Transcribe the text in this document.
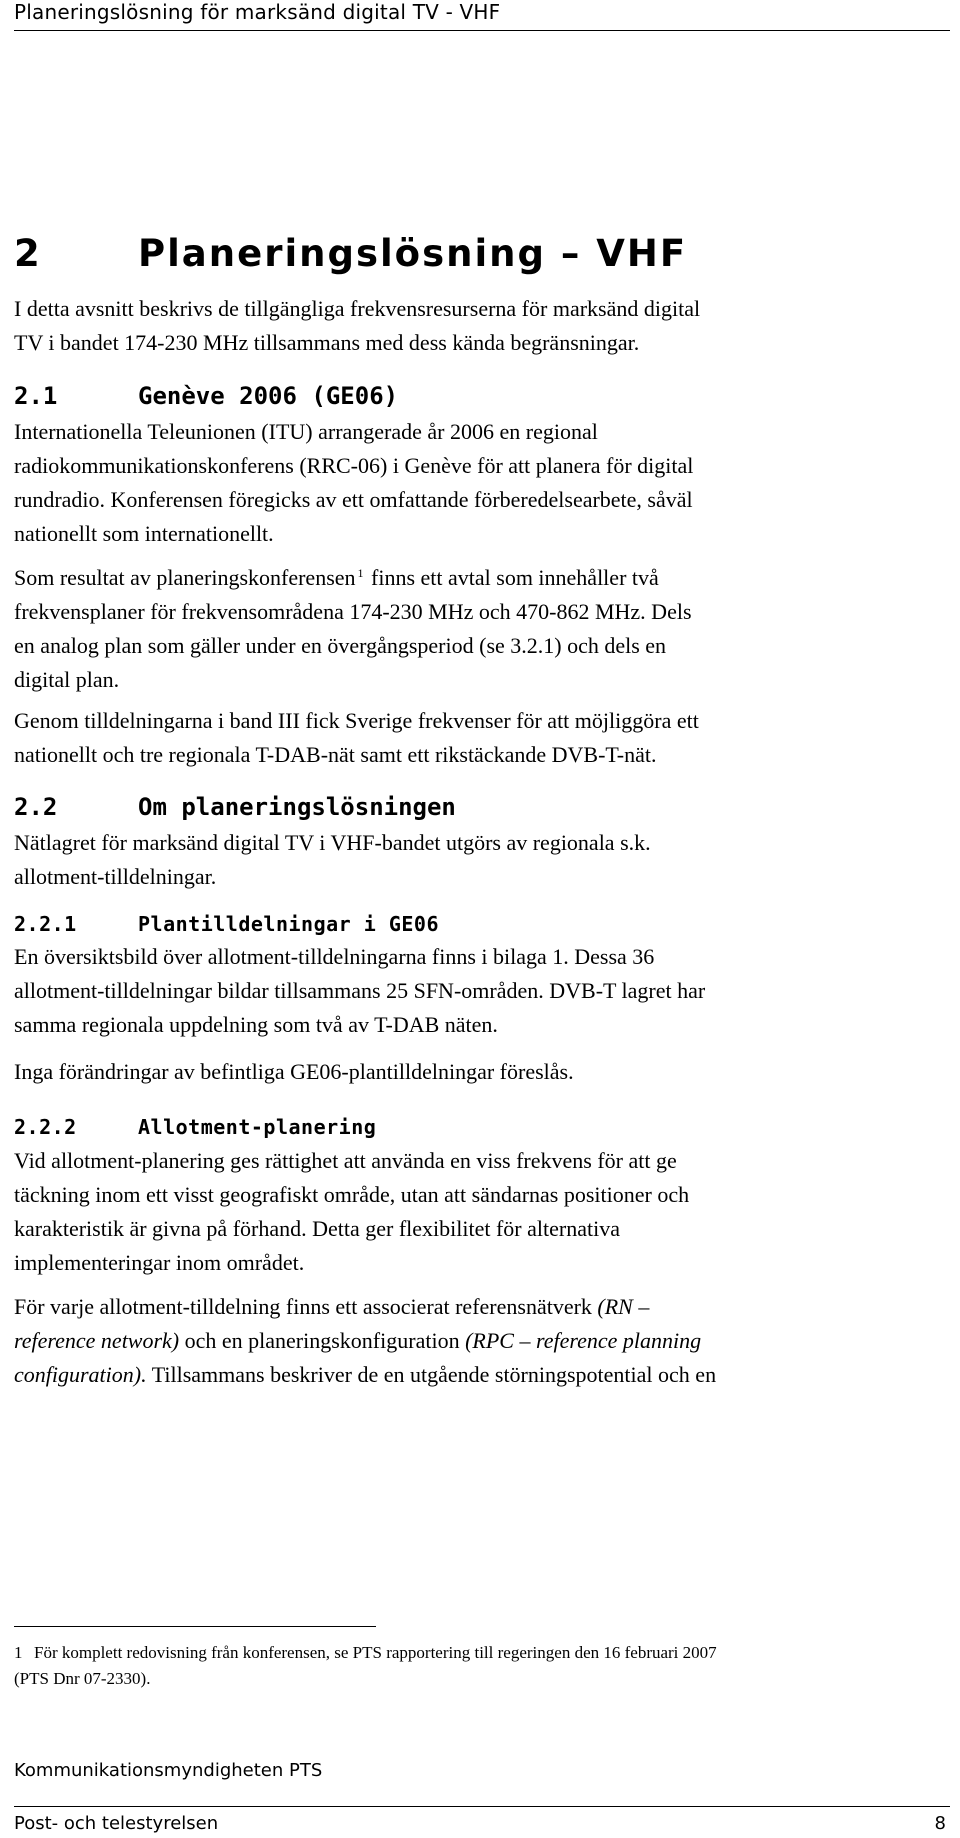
Planeringslösning för marksänd digital TV - VHF
2	Planeringslösning – VHF
I detta avsnitt beskrivs de tillgängliga frekvensresurserna för marksänd digital
TV i bandet 174-230 MHz tillsammans med dess kända begränsningar.
2.1	Genève 2006 (GE06)
Internationella Teleunionen (ITU) arrangerade år 2006 en regional
radiokommunikationskonferens (RRC-06) i Genève för att planera för digital
rundradio. Konferensen föregicks av ett omfattande förberedelsearbete, såväl
nationellt som internationellt.
Som resultat av planeringskonferensen $^1$ finns ett avtal som innehåller två
frekvensplaner för frekvensområdena 174-230 MHz och 470-862 MHz. Dels
en analog plan som gäller under en övergångsperiod (se 3.2.1) och dels en
digital plan.
Genom tilldelningarna i band III fick Sverige frekvenser för att möjliggöra ett
nationellt och tre regionala T-DAB-nät samt ett rikstäckande DVB-T-nät.
2.2	Om planeringslösningen
Nätlagret för marksänd digital TV i VHF-bandet utgörs av regionala s.k.
allotment-tilldelningar.
2.2.1	Plantilldelningar i GE06
En översiktsbild över allotment-tilldelningarna finns i bilaga 1. Dessa 36
allotment-tilldelningar bildar tillsammans 25 SFN-områden. DVB-T lagret har
samma regionala uppdelning som två av T-DAB näten.
Inga förändringar av befintliga GE06-plantilldelningar föreslås.
2.2.2	Allotment-planering
Vid allotment-planering ges rättighet att använda en viss frekvens för att ge
täckning inom ett visst geografiskt område, utan att sändarnas positioner och
karakteristik är givna på förhand. Detta ger flexibilitet för alternativa
implementeringar inom området.
För varje allotment-tilldelning finns ett associerat referensnätverk (RN –
reference network) och en planeringskonfiguration (RPC – reference planning
configuration). Tillsammans beskriver de en utgående störningspotential och en
1 För komplett redovisning från konferensen, se PTS rapportering till regeringen den 16 februari 2007
(PTS Dnr 07-2330).
Kommunikationsmyndigheten PTS
Post- och telestyrelsen	8
